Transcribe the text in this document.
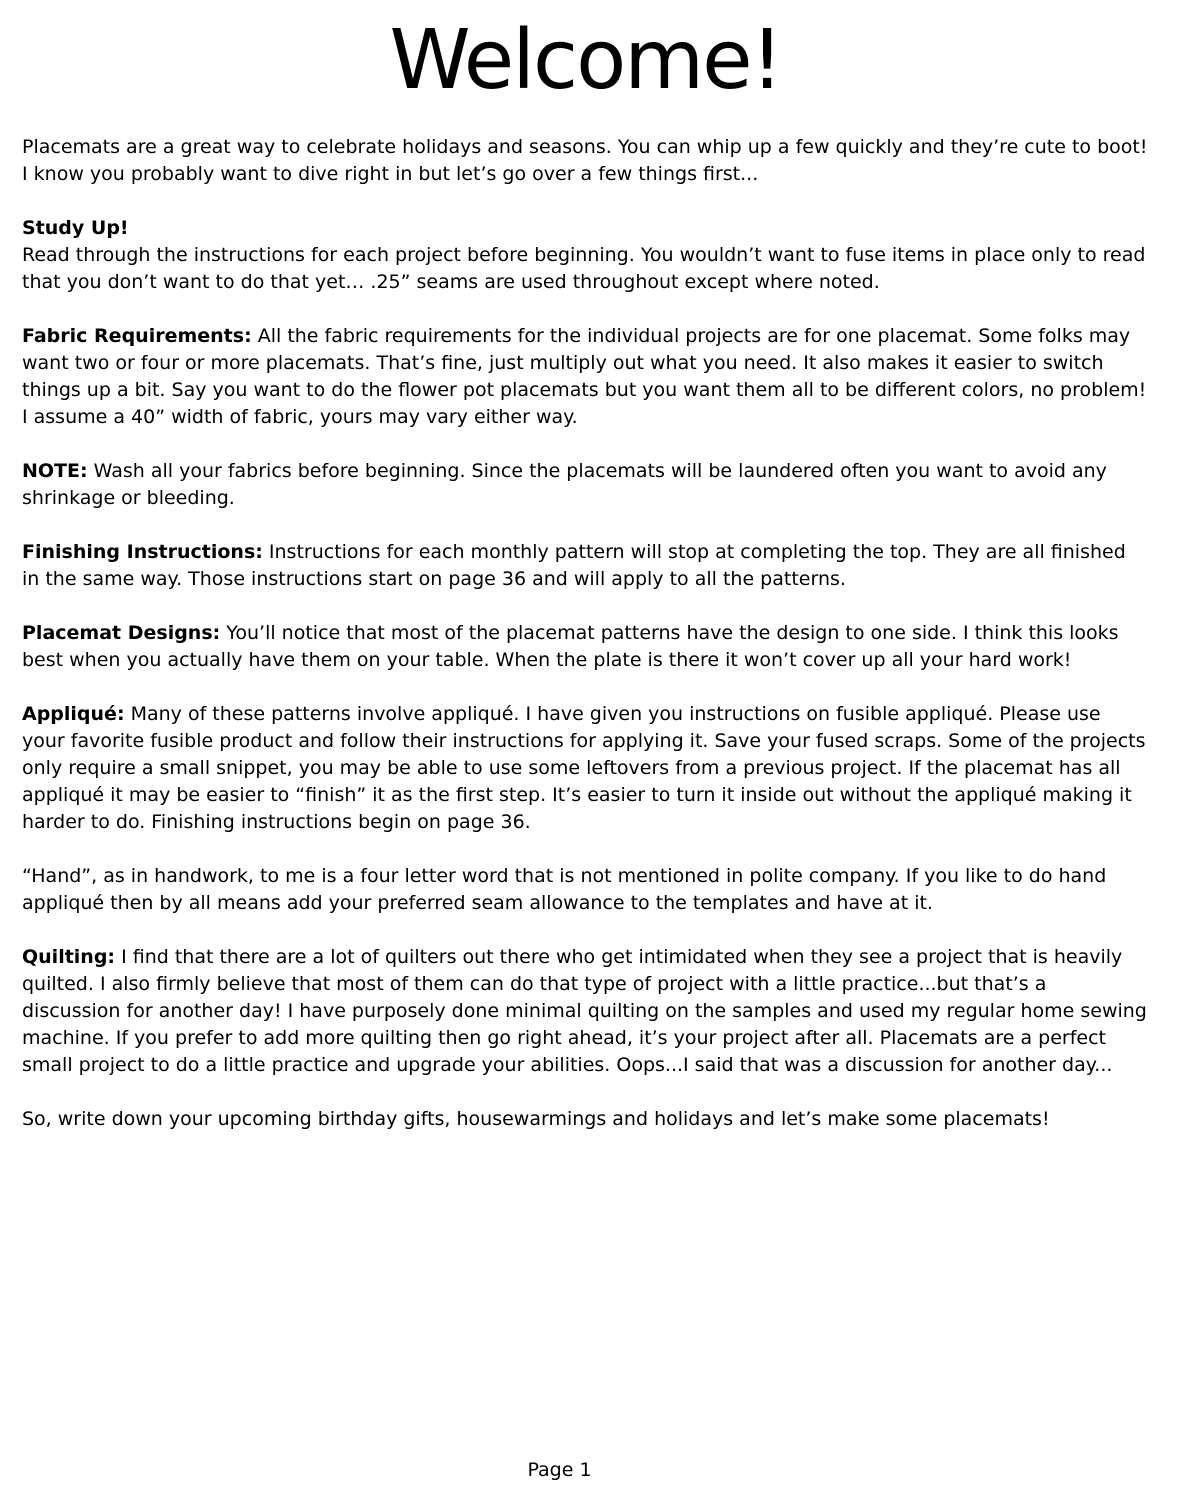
Welcome!

Placemats are a great way to celebrate holidays and seasons. You can whip up a few quickly and they’re cute to boot! I know you probably want to dive right in but let’s go over a few things first...

Study Up!
Read through the instructions for each project before beginning. You wouldn’t want to fuse items in place only to read that you don’t want to do that yet… .25” seams are used throughout except where noted.

Fabric Requirements: All the fabric requirements for the individual projects are for one placemat. Some folks may want two or four or more placemats. That’s fine, just multiply out what you need. It also makes it easier to switch things up a bit. Say you want to do the flower pot placemats but you want them all to be different colors, no problem! I assume a 40” width of fabric, yours may vary either way.

NOTE: Wash all your fabrics before beginning. Since the placemats will be laundered often you want to avoid any shrinkage or bleeding.

Finishing Instructions: Instructions for each monthly pattern will stop at completing the top. They are all finished in the same way. Those instructions start on page 36 and will apply to all the patterns.

Placemat Designs: You’ll notice that most of the placemat patterns have the design to one side. I think this looks best when you actually have them on your table. When the plate is there it won’t cover up all your hard work!

Appliqué: Many of these patterns involve appliqué. I have given you instructions on fusible appliqué. Please use your favorite fusible product and follow their instructions for applying it. Save your fused scraps. Some of the projects only require a small snippet, you may be able to use some leftovers from a previous project. If the placemat has all appliqué it may be easier to “finish” it as the first step. It’s easier to turn it inside out without the appliqué making it harder to do. Finishing instructions begin on page 36.

“Hand”, as in handwork, to me is a four letter word that is not mentioned in polite company. If you like to do hand appliqué then by all means add your preferred seam allowance to the templates and have at it.

Quilting: I find that there are a lot of quilters out there who get intimidated when they see a project that is heavily quilted. I also firmly believe that most of them can do that type of project with a little practice...but that’s a discussion for another day! I have purposely done minimal quilting on the samples and used my regular home sewing machine. If you prefer to add more quilting then go right ahead, it’s your project after all. Placemats are a perfect small project to do a little practice and upgrade your abilities. Oops...I said that was a discussion for another day...

So, write down your upcoming birthday gifts, housewarmings and holidays and let’s make some placemats!

Page 1
